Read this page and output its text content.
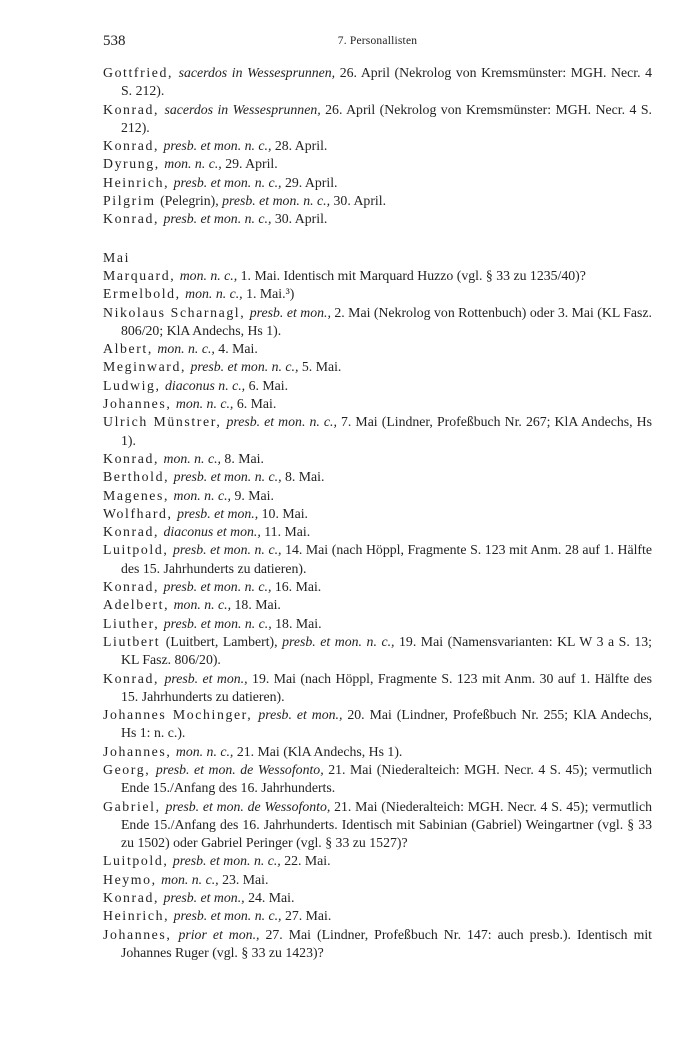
538	7. Personallisten
Gottfried, sacerdos in Wessesprunnen, 26. April (Nekrolog von Kremsmünster: MGH. Necr. 4 S. 212).
Konrad, sacerdos in Wessesprunnen, 26. April (Nekrolog von Kremsmünster: MGH. Necr. 4 S. 212).
Konrad, presb. et mon. n. c., 28. April.
Dyrung, mon. n. c., 29. April.
Heinrich, presb. et mon. n. c., 29. April.
Pilgrim (Pelegrin), presb. et mon. n. c., 30. April.
Konrad, presb. et mon. n. c., 30. April.
Mai
Marquard, mon. n. c., 1. Mai. Identisch mit Marquard Huzzo (vgl. § 33 zu 1235/40)?
Ermelbold, mon. n. c., 1. Mai.³)
Nikolaus Scharnagl, presb. et mon., 2. Mai (Nekrolog von Rottenbuch) oder 3. Mai (KL Fasz. 806/20; KlA Andechs, Hs 1).
Albert, mon. n. c., 4. Mai.
Meginward, presb. et mon. n. c., 5. Mai.
Ludwig, diaconus n. c., 6. Mai.
Johannes, mon. n. c., 6. Mai.
Ulrich Münstrer, presb. et mon. n. c., 7. Mai (Lindner, Profeßbuch Nr. 267; KlA Andechs, Hs 1).
Konrad, mon. n. c., 8. Mai.
Berthold, presb. et mon. n. c., 8. Mai.
Magenes, mon. n. c., 9. Mai.
Wolfhard, presb. et mon., 10. Mai.
Konrad, diaconus et mon., 11. Mai.
Luitpold, presb. et mon. n. c., 14. Mai (nach Höppl, Fragmente S. 123 mit Anm. 28 auf 1. Hälfte des 15. Jahrhunderts zu datieren).
Konrad, presb. et mon. n. c., 16. Mai.
Adelbert, mon. n. c., 18. Mai.
Liuther, presb. et mon. n. c., 18. Mai.
Liutbert (Luitbert, Lambert), presb. et mon. n. c., 19. Mai (Namensvarianten: KL W 3 a S. 13; KL Fasz. 806/20).
Konrad, presb. et mon., 19. Mai (nach Höppl, Fragmente S. 123 mit Anm. 30 auf 1. Hälfte des 15. Jahrhunderts zu datieren).
Johannes Mochinger, presb. et mon., 20. Mai (Lindner, Profeßbuch Nr. 255; KlA Andechs, Hs 1: n. c.).
Johannes, mon. n. c., 21. Mai (KlA Andechs, Hs 1).
Georg, presb. et mon. de Wessofonto, 21. Mai (Niederalteich: MGH. Necr. 4 S. 45); vermutlich Ende 15./Anfang des 16. Jahrhunderts.
Gabriel, presb. et mon. de Wessofonto, 21. Mai (Niederalteich: MGH. Necr. 4 S. 45); vermutlich Ende 15./Anfang des 16. Jahrhunderts. Identisch mit Sabinian (Gabriel) Weingartner (vgl. § 33 zu 1502) oder Gabriel Peringer (vgl. § 33 zu 1527)?
Luitpold, presb. et mon. n. c., 22. Mai.
Heymo, mon. n. c., 23. Mai.
Konrad, presb. et mon., 24. Mai.
Heinrich, presb. et mon. n. c., 27. Mai.
Johannes, prior et mon., 27. Mai (Lindner, Profeßbuch Nr. 147: auch presb.). Identisch mit Johannes Ruger (vgl. § 33 zu 1423)?
